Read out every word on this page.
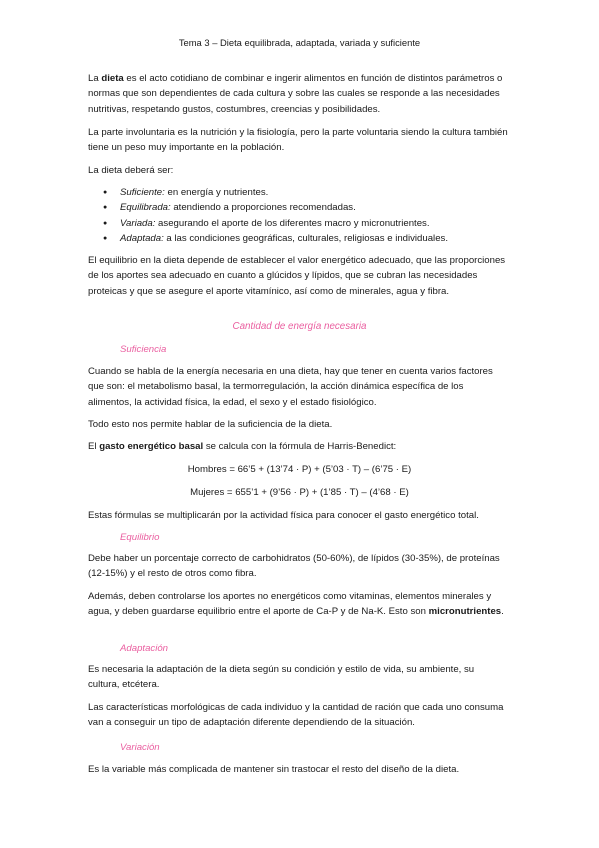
Tema 3 – Dieta equilibrada, adaptada, variada y suficiente

La dieta es el acto cotidiano de combinar e ingerir alimentos en función de distintos parámetros o normas que son dependientes de cada cultura y sobre las cuales se responde a las necesidades nutritivas, respetando gustos, costumbres, creencias y posibilidades.

La parte involuntaria es la nutrición y la fisiología, pero la parte voluntaria siendo la cultura también tiene un peso muy importante en la población.

La dieta deberá ser:

● Suficiente: en energía y nutrientes.
● Equilibrada: atendiendo a proporciones recomendadas.
● Variada: asegurando el aporte de los diferentes macro y micronutrientes.
● Adaptada: a las condiciones geográficas, culturales, religiosas e individuales.

El equilibrio en la dieta depende de establecer el valor energético adecuado, que las proporciones de los aportes sea adecuado en cuanto a glúcidos y lípidos, que se cubran las necesidades proteicas y que se asegure el aporte vitamínico, así como de minerales, agua y fibra.

Cantidad de energía necesaria
Suficiencia

Cuando se habla de la energía necesaria en una dieta, hay que tener en cuenta varios factores que son: el metabolismo basal, la termorregulación, la acción dinámica específica de los alimentos, la actividad física, la edad, el sexo y el estado fisiológico.

Todo esto nos permite hablar de la suficiencia de la dieta.

El gasto energético basal se calcula con la fórmula de Harris-Benedict:

Hombres = 66’5 + (13’74 · P) + (5’03 · T) – (6’75 · E)
Mujeres = 655’1 + (9’56 · P) + (1’85 · T) – (4’68 · E)

Estas fórmulas se multiplicarán por la actividad física para conocer el gasto energético total.

Equilibrio

Debe haber un porcentaje correcto de carbohidratos (50-60%), de lípidos (30-35%), de proteínas (12-15%) y el resto de otros como fibra.

Además, deben controlarse los aportes no energéticos como vitaminas, elementos minerales y agua, y deben guardarse equilibrio entre el aporte de Ca-P y de Na-K. Esto son micronutrientes.

Adaptación

Es necesaria la adaptación de la dieta según su condición y estilo de vida, su ambiente, su cultura, etcétera.

Las características morfológicas de cada individuo y la cantidad de ración que cada uno consuma van a conseguir un tipo de adaptación diferente dependiendo de la situación.

Variación

Es la variable más complicada de mantener sin trastocar el resto del diseño de la dieta.
